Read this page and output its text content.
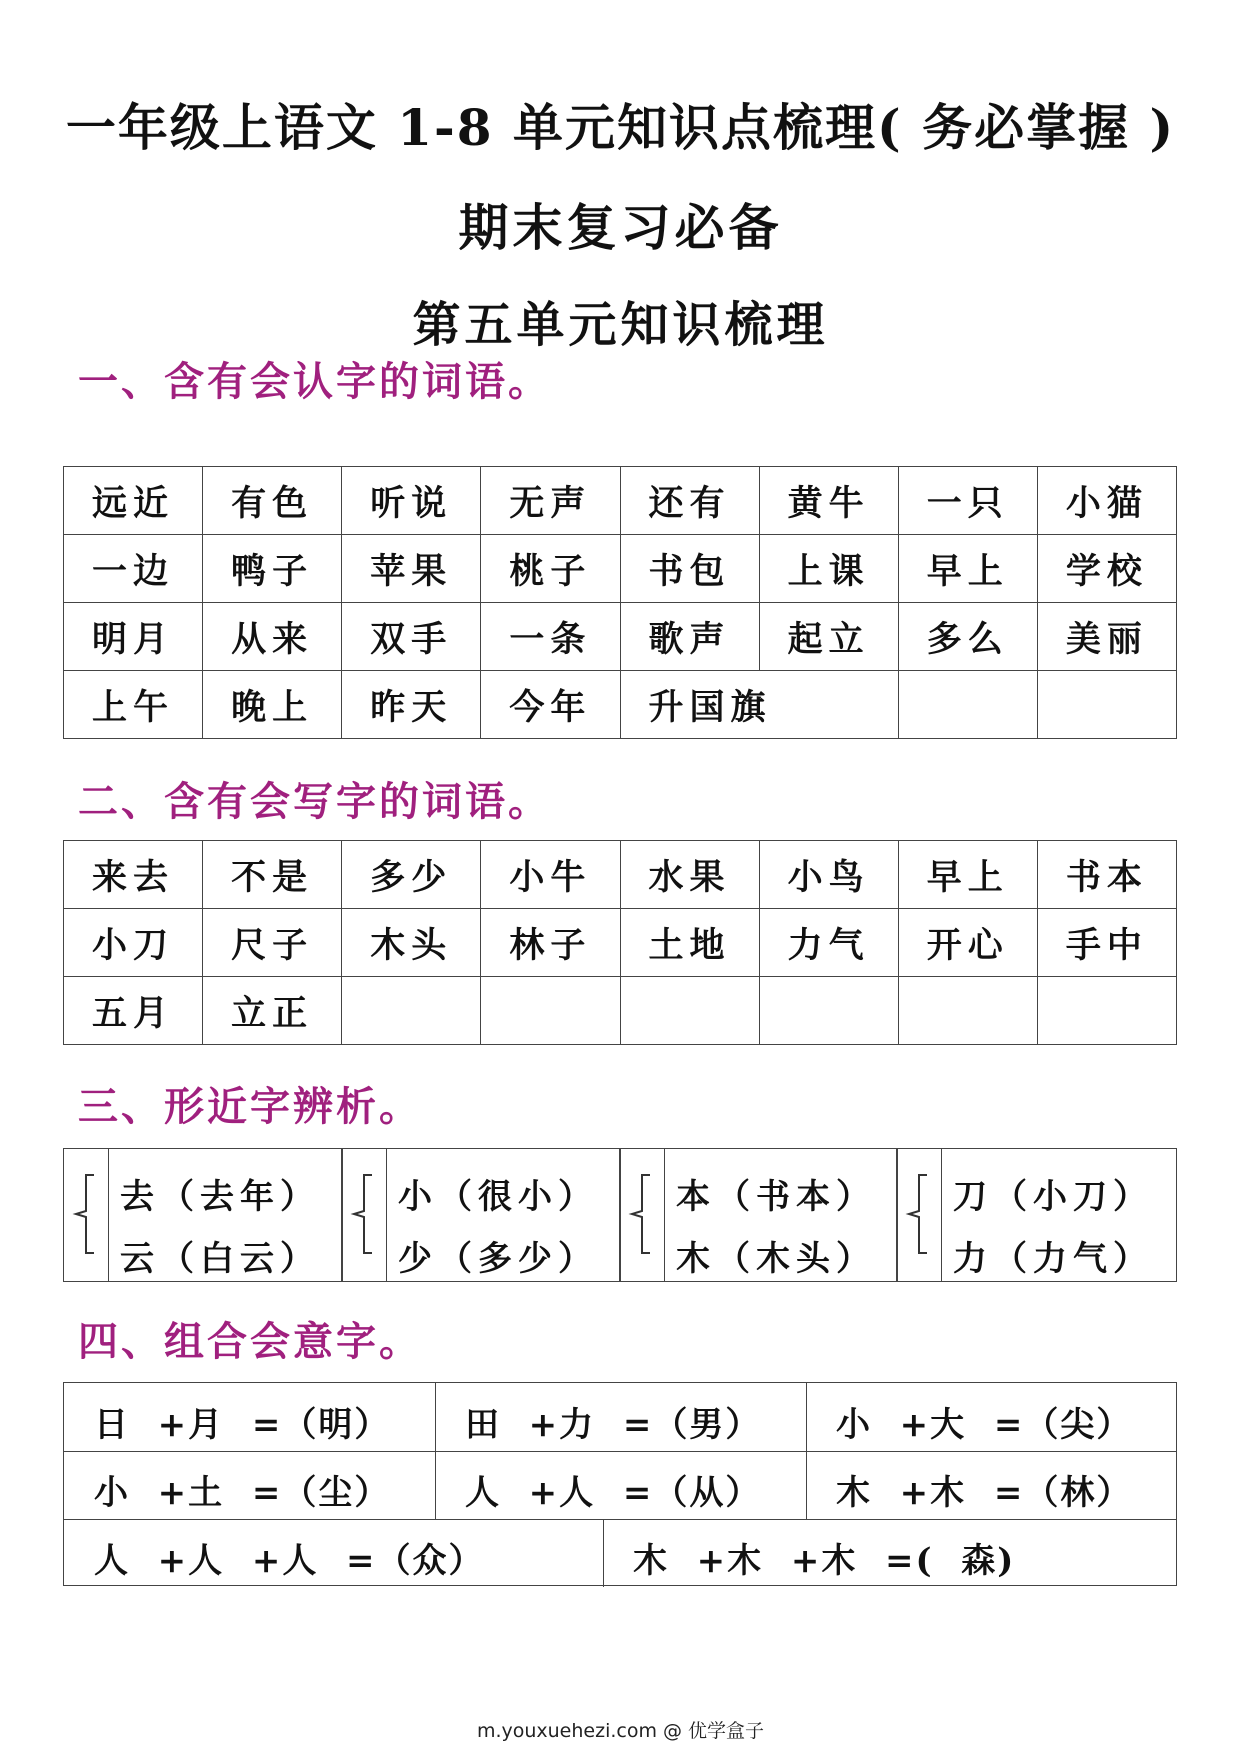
一年级上语文 1-8 单元知识点梳理( 务必掌握 )
期末复习必备
第五单元知识梳理
一、含有会认字的词语。
远近	有色	听说	无声	还有	黄牛	一只	小猫
一边	鸭子	苹果	桃子	书包	上课	早上	学校
明月	从来	双手	一条	歌声	起立	多么	美丽
上午	晚上	昨天	今年	升国旗			
二、含有会写字的词语。
来去	不是	多少	小牛	水果	小鸟	早上	书本
小刀	尺子	木头	林子	土地	力气	开心	手中
五月	立正						
三、形近字辨析。
去（去年）
云（白云）
小（很小）
少（多少）
本（书本）
木（木头）
刀（小刀）
力（力气）
四、组合会意字。
日  +月  =（明） 田  +力  =（男） 小  +大  =（尖）
小  +土  =（尘） 人  +人  =（从） 木  +木  =（林）
人  +人  +人  =（众）	木  +木  +木  =(  森)
m.youxuehezi.com @ 优学盒子
